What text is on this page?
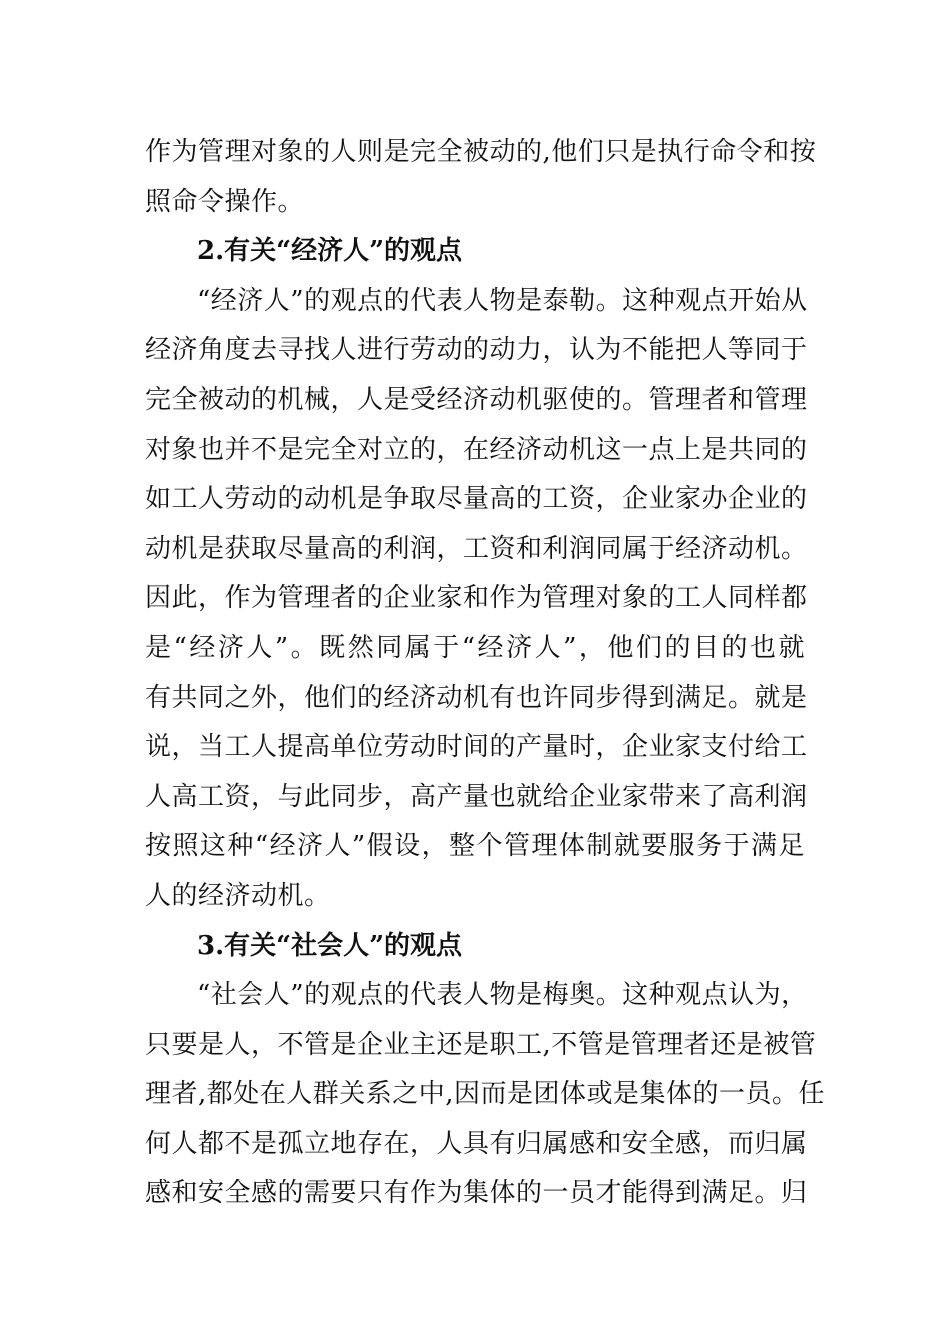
作为管理对象的人则是完全被动的,他们只是执行命令和按
照命令操作。
2.有关“经济人”的观点
“经济人”的观点的代表人物是泰勒。这种观点开始从
经济角度去寻找人进行劳动的动力，认为不能把人等同于
完全被动的机械，人是受经济动机驱使的。管理者和管理
对象也并不是完全对立的，在经济动机这一点上是共同的
如工人劳动的动机是争取尽量高的工资，企业家办企业的
动机是获取尽量高的利润，工资和利润同属于经济动机。
因此，作为管理者的企业家和作为管理对象的工人同样都
是“经济人”。既然同属于“经济人”，他们的目的也就
有共同之外，他们的经济动机有也许同步得到满足。就是
说，当工人提高单位劳动时间的产量时，企业家支付给工
人高工资，与此同步，高产量也就给企业家带来了高利润
按照这种“经济人”假设，整个管理体制就要服务于满足
人的经济动机。
3.有关“社会人”的观点
“社会人”的观点的代表人物是梅奥。这种观点认为，
只要是人，不管是企业主还是职工,不管是管理者还是被管
理者,都处在人群关系之中,因而是团体或是集体的一员。任
何人都不是孤立地存在，人具有归属感和安全感，而归属
感和安全感的需要只有作为集体的一员才能得到满足。归
